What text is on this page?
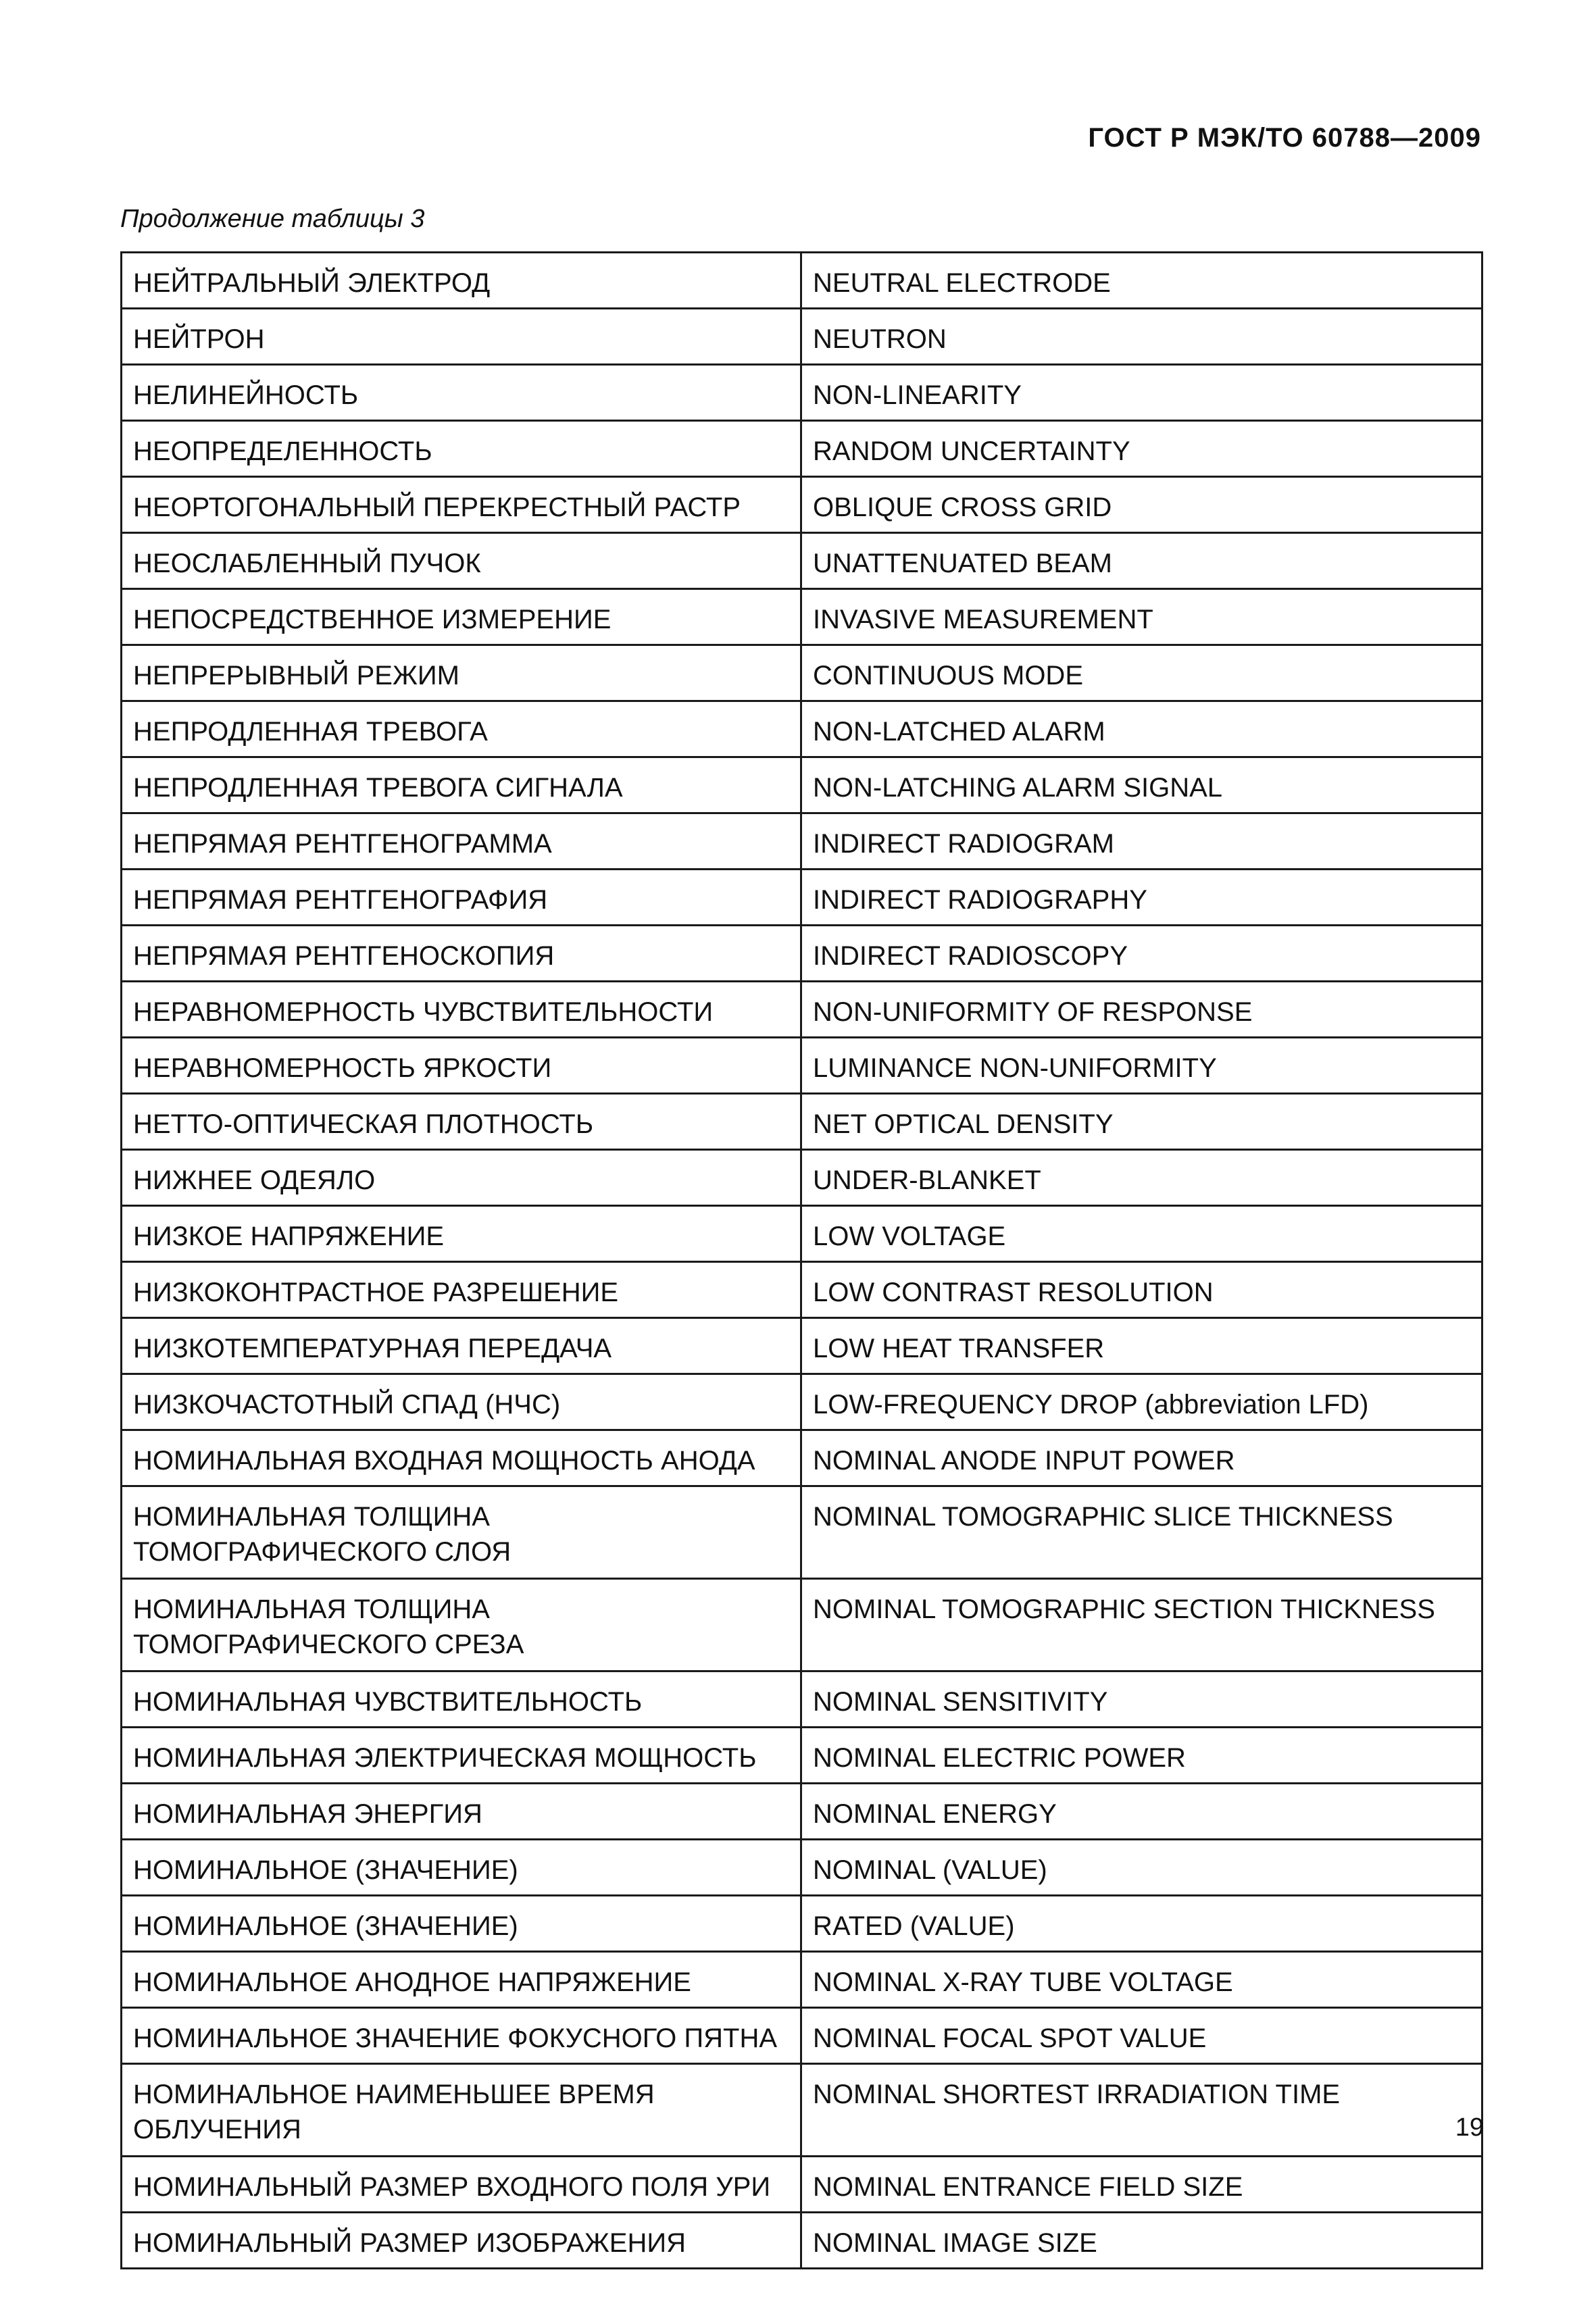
ГОСТ Р МЭК/ТО 60788—2009
Продолжение таблицы 3
НЕЙТРАЛЬНЫЙ ЭЛЕКТРОД	NEUTRAL ELECTRODE
НЕЙТРОН	NEUTRON
НЕЛИНЕЙНОСТЬ	NON-LINEARITY
НЕОПРЕДЕЛЕННОСТЬ	RANDOM UNCERTAINTY
НЕОРТОГОНАЛЬНЫЙ ПЕРЕКРЕСТНЫЙ РАСТР	OBLIQUE CROSS GRID
НЕОСЛАБЛЕННЫЙ ПУЧОК	UNATTENUATED BEAM
НЕПОСРЕДСТВЕННОЕ ИЗМЕРЕНИЕ	INVASIVE MEASUREMENT
НЕПРЕРЫВНЫЙ РЕЖИМ	CONTINUOUS MODE
НЕПРОДЛЕННАЯ ТРЕВОГА	NON-LATCHED ALARM
НЕПРОДЛЕННАЯ ТРЕВОГА СИГНАЛА	NON-LATCHING ALARM SIGNAL
НЕПРЯМАЯ РЕНТГЕНОГРАММА	INDIRECT RADIOGRAM
НЕПРЯМАЯ РЕНТГЕНОГРАФИЯ	INDIRECT RADIOGRAPHY
НЕПРЯМАЯ РЕНТГЕНОСКОПИЯ	INDIRECT RADIOSCOPY
НЕРАВНОМЕРНОСТЬ ЧУВСТВИТЕЛЬНОСТИ	NON-UNIFORMITY OF RESPONSE
НЕРАВНОМЕРНОСТЬ ЯРКОСТИ	LUMINANCE NON-UNIFORMITY
НЕТТО-ОПТИЧЕСКАЯ ПЛОТНОСТЬ	NET OPTICAL DENSITY
НИЖНЕЕ ОДЕЯЛО	UNDER-BLANKET
НИЗКОЕ НАПРЯЖЕНИЕ	LOW VOLTAGE
НИЗКОКОНТРАСТНОЕ РАЗРЕШЕНИЕ	LOW CONTRAST RESOLUTION
НИЗКОТЕМПЕРАТУРНАЯ ПЕРЕДАЧА	LOW HEAT TRANSFER
НИЗКОЧАСТОТНЫЙ СПАД (НЧС)	LOW-FREQUENCY DROP (abbreviation LFD)
НОМИНАЛЬНАЯ ВХОДНАЯ МОЩНОСТЬ АНОДА	NOMINAL ANODE INPUT POWER
НОМИНАЛЬНАЯ ТОЛЩИНА ТОМОГРАФИЧЕСКОГО СЛОЯ	NOMINAL TOMOGRAPHIC SLICE THICKNESS
НОМИНАЛЬНАЯ ТОЛЩИНА ТОМОГРАФИЧЕСКОГО СРЕЗА	NOMINAL TOMOGRAPHIC SECTION THICKNESS
НОМИНАЛЬНАЯ ЧУВСТВИТЕЛЬНОСТЬ	NOMINAL SENSITIVITY
НОМИНАЛЬНАЯ ЭЛЕКТРИЧЕСКАЯ МОЩНОСТЬ	NOMINAL ELECTRIC POWER
НОМИНАЛЬНАЯ ЭНЕРГИЯ	NOMINAL ENERGY
НОМИНАЛЬНОЕ (ЗНАЧЕНИЕ)	NOMINAL (VALUE)
НОМИНАЛЬНОЕ (ЗНАЧЕНИЕ)	RATED (VALUE)
НОМИНАЛЬНОЕ АНОДНОЕ НАПРЯЖЕНИЕ	NOMINAL X-RAY TUBE VOLTAGE
НОМИНАЛЬНОЕ ЗНАЧЕНИЕ ФОКУСНОГО ПЯТНА	NOMINAL FOCAL SPOT VALUE
НОМИНАЛЬНОЕ НАИМЕНЬШЕЕ ВРЕМЯ ОБЛУЧЕНИЯ	NOMINAL SHORTEST IRRADIATION TIME
НОМИНАЛЬНЫЙ РАЗМЕР ВХОДНОГО ПОЛЯ УРИ	NOMINAL ENTRANCE FIELD SIZE
НОМИНАЛЬНЫЙ РАЗМЕР ИЗОБРАЖЕНИЯ	NOMINAL IMAGE SIZE
19
